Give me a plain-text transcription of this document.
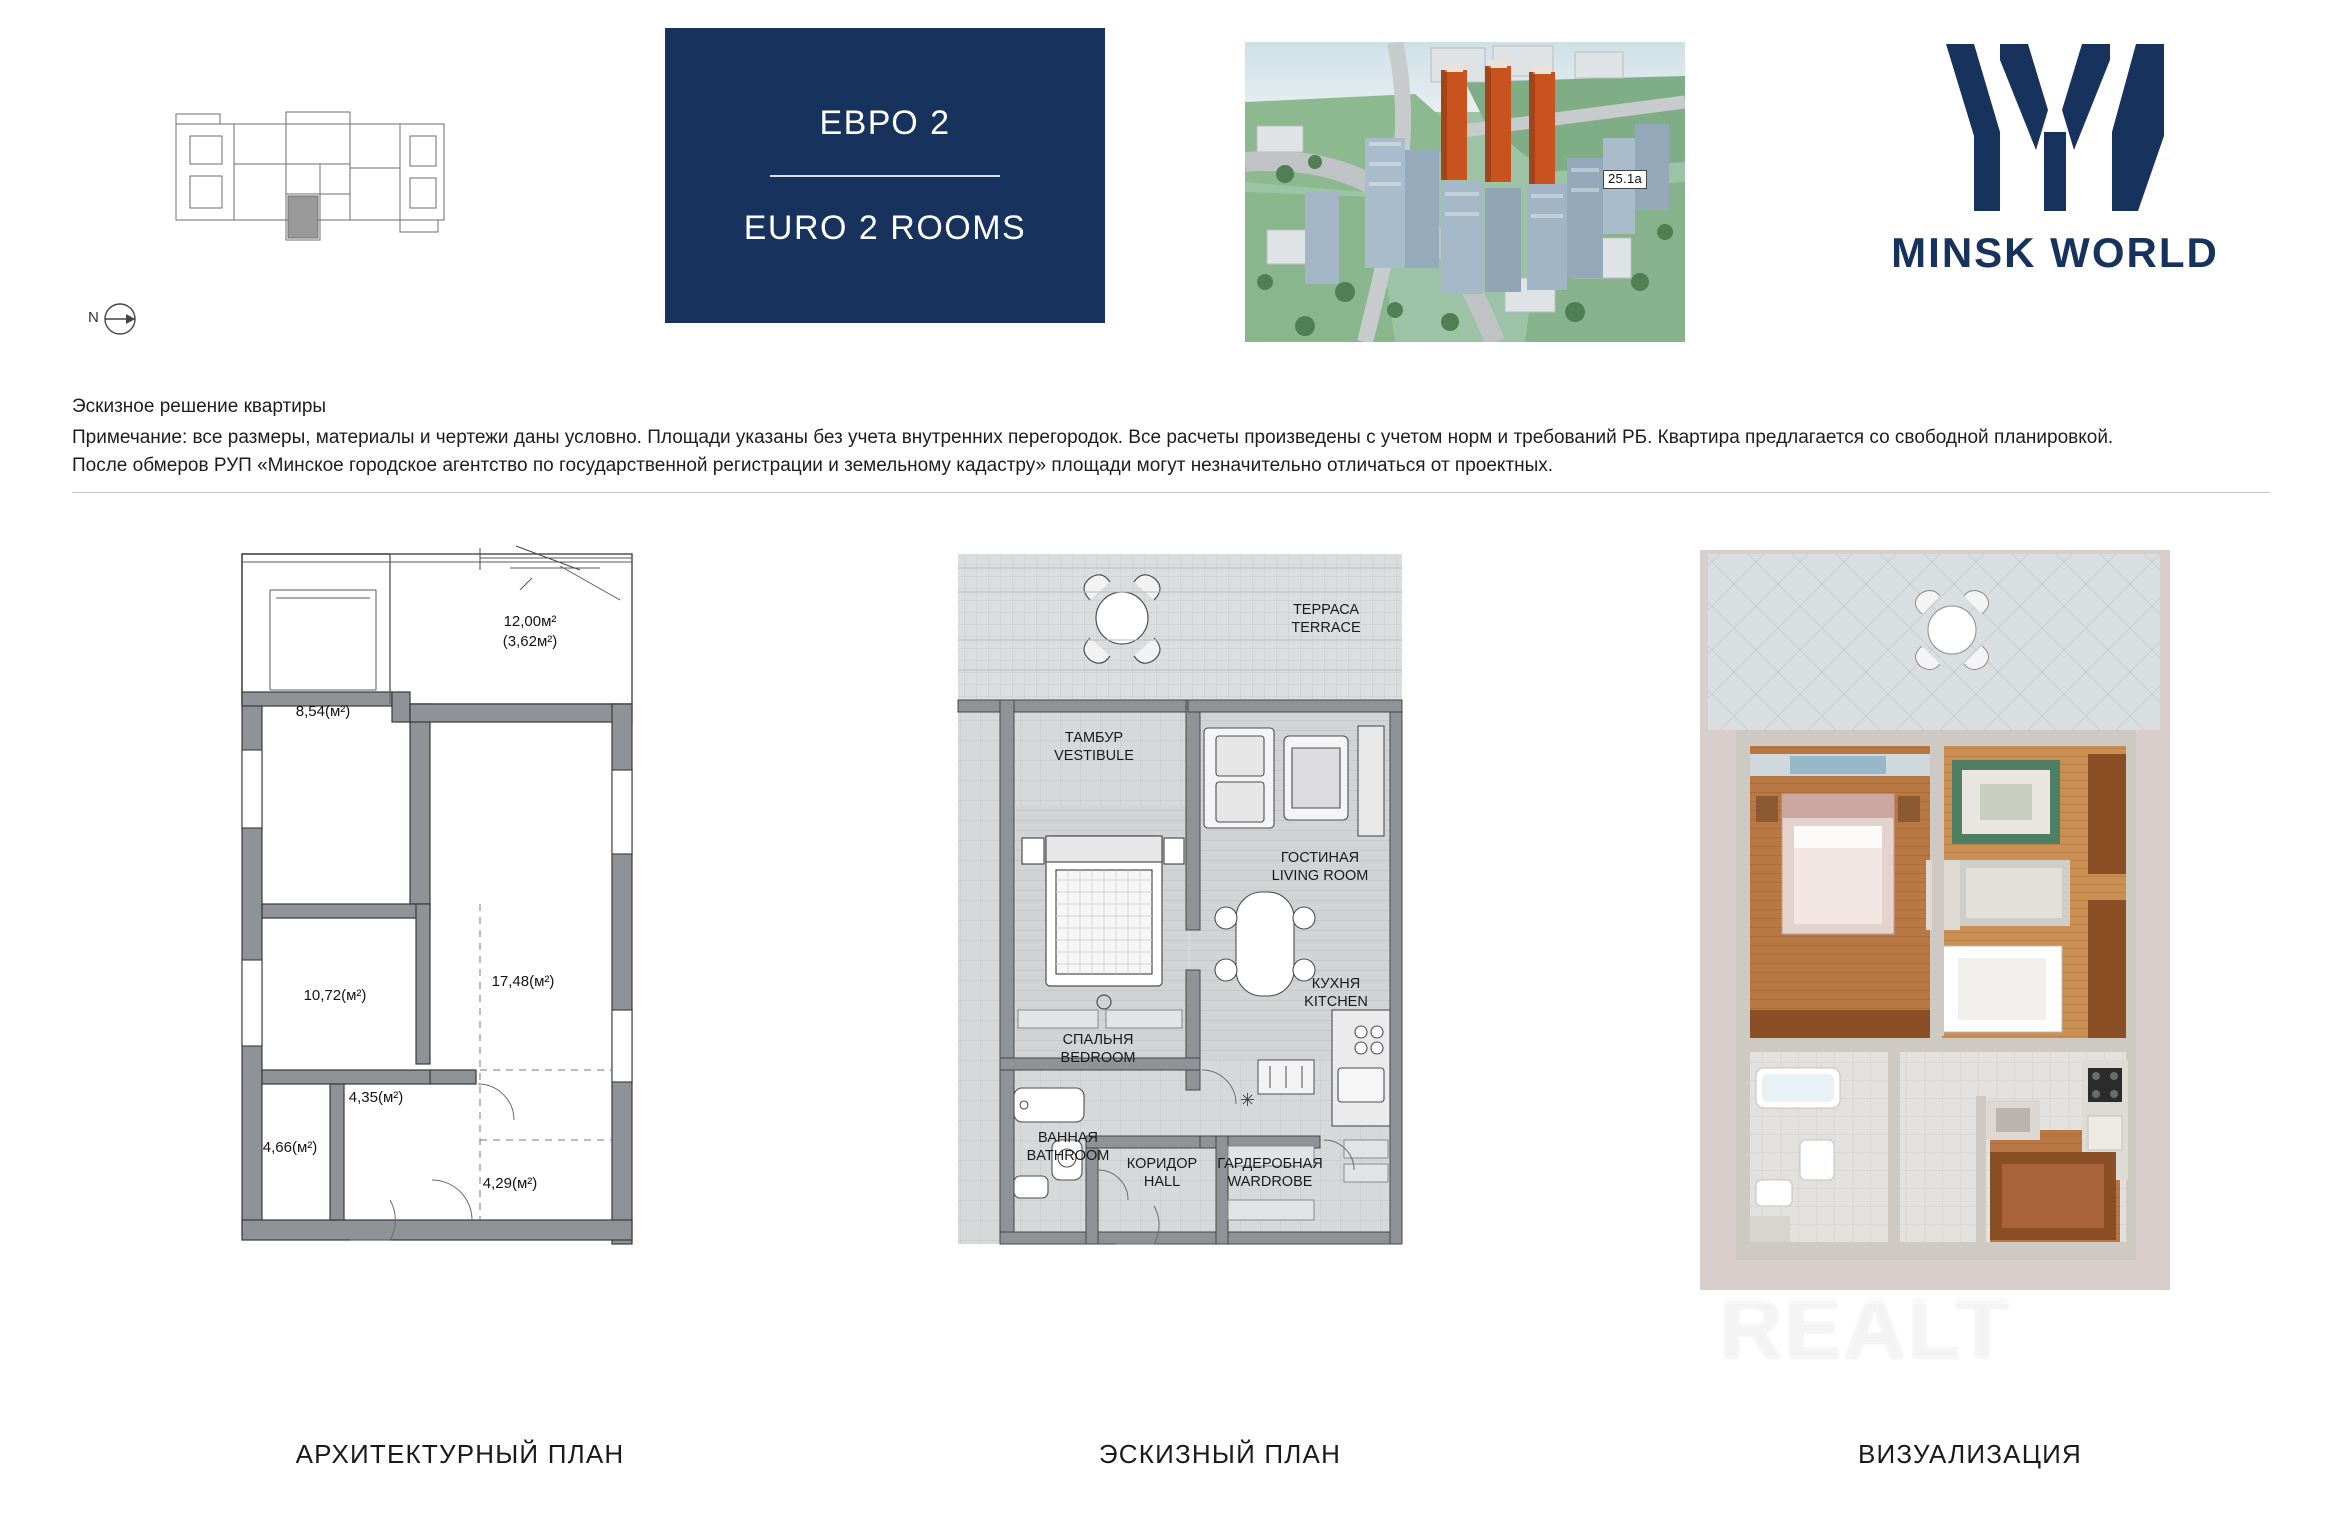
N
ЕВРО 2
EURO 2 ROOMS
25.1а
MINSK WORLD
Эскизное решение квартиры
Примечание: все размеры, материалы и чертежи даны условно. Площади указаны без учета внутренних перегородок. Все расчеты произведены с учетом норм и требований РБ. Квартира предлагается со свободной планировкой.
После обмеров РУП «Минское городское агентство по государственной регистрации и земельному кадастру» площади могут незначительно отличаться от проектных.
12,00м²
(3,62м²)
8,54(м²)
10,72(м²)
17,48(м²)
4,35(м²)
4,66(м²)
4,29(м²)
АРХИТЕКТУРНЫЙ ПЛАН
✳
ТЕРРАСА
TERRACE
ТАМБУР
VESTIBULE
ГОСТИНАЯ
LIVING ROOM
СПАЛЬНЯ
BEDROOM
КУХНЯ
KITCHEN
ВАННАЯ
BATHROOM КОРИДОР
HALL
ГАРДЕРОБНАЯ
WARDROBE
ЭСКИЗНЫЙ ПЛАН	ВИЗУАЛИЗАЦИЯ
REALT
